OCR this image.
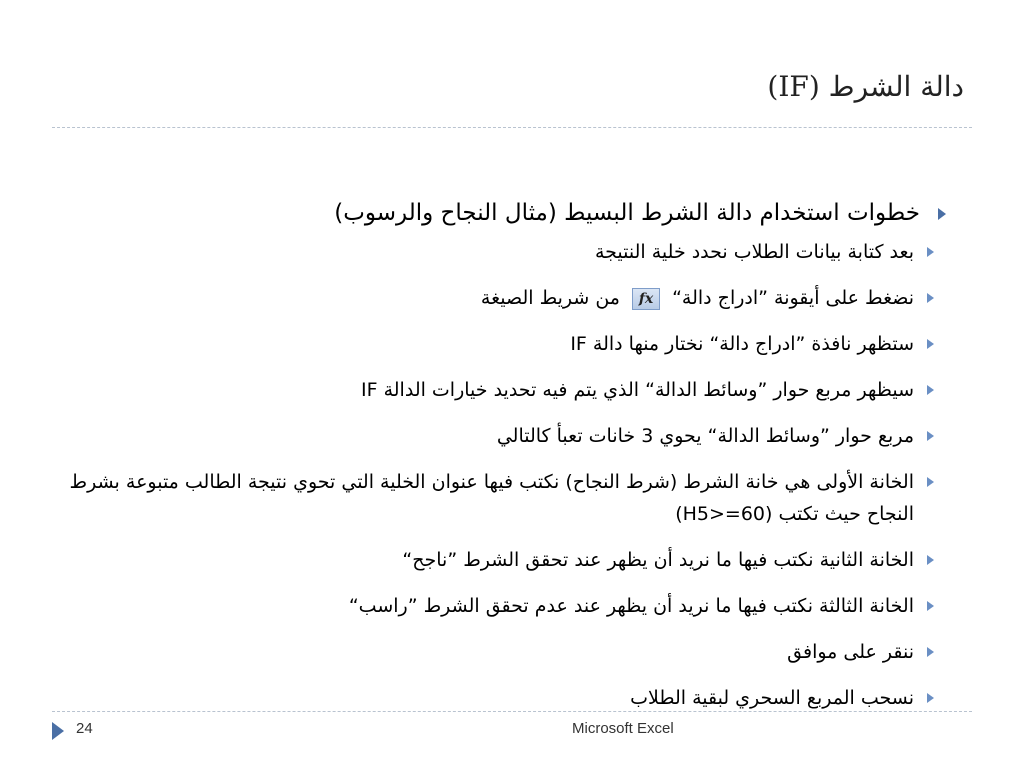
دالة الشرط (IF)
خطوات استخدام دالة الشرط البسيط (مثال النجاح والرسوب)
بعد كتابة بيانات الطلاب نحدد خلية النتيجة
نضغط على أيقونة ”ادراج دالة“ fx من شريط الصيغة
ستظهر نافذة ”ادراج دالة“ نختار منها دالة IF
سيظهر مربع حوار ”وسائط الدالة“ الذي يتم فيه تحديد خيارات الدالة IF
مربع حوار ”وسائط الدالة“ يحوي 3 خانات تعبأ كالتالي
الخانة الأولى هي خانة الشرط (شرط النجاح) نكتب فيها عنوان الخلية التي تحوي نتيجة الطالب متبوعة بشرط النجاح حيث تكتب (H5>=60)
الخانة الثانية نكتب فيها ما نريد أن يظهر عند تحقق الشرط ”ناجح“
الخانة الثالثة نكتب فيها ما نريد أن يظهر عند عدم تحقق الشرط ”راسب“
ننقر على موافق
نسحب المربع السحري لبقية الطلاب
24	Microsoft Excel
